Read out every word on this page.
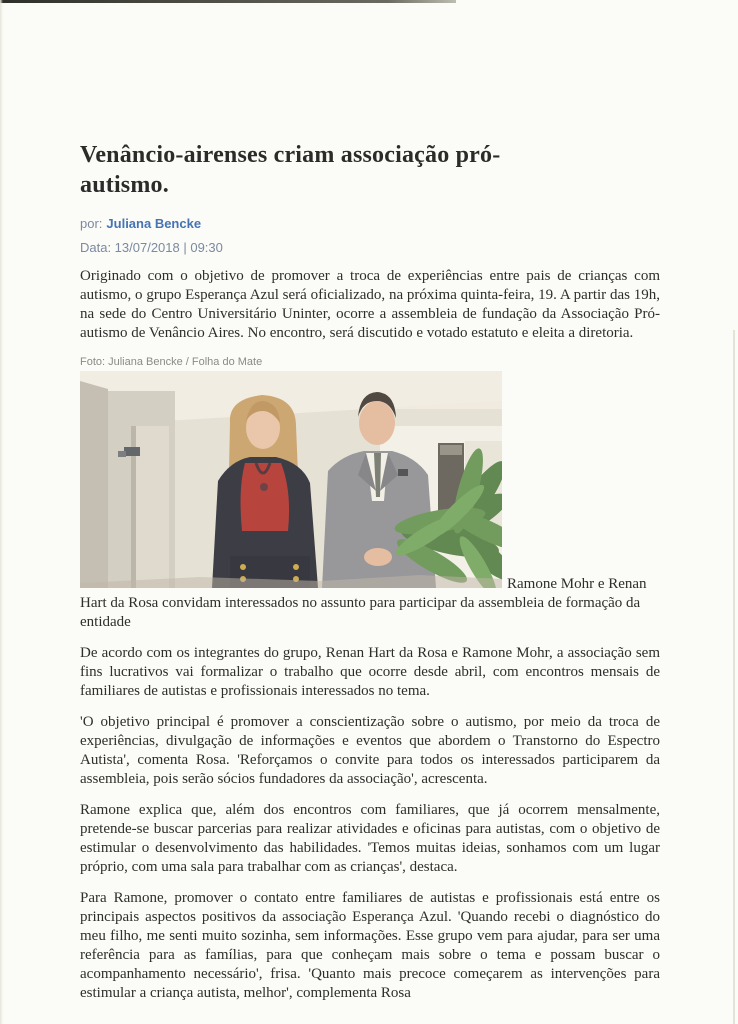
Venâncio-airenses criam associação pró-autismo.
por: Juliana Bencke
Data: 13/07/2018 | 09:30

Originado com o objetivo de promover a troca de experiências entre pais de crianças com autismo, o grupo Esperança Azul será oficializado, na próxima quinta-feira, 19. A partir das 19h, na sede do Centro Universitário Uninter, ocorre a assembleia de fundação da Associação Pró-autismo de Venâncio Aires. No encontro, será discutido e votado estatuto e eleita a diretoria.

Foto: Juliana Bencke / Folha do Mate
Ramone Mohr e Renan Hart da Rosa convidam interessados no assunto para participar da assembleia de formação da entidade

De acordo com os integrantes do grupo, Renan Hart da Rosa e Ramone Mohr, a associação sem fins lucrativos vai formalizar o trabalho que ocorre desde abril, com encontros mensais de familiares de autistas e profissionais interessados no tema.

'O objetivo principal é promover a conscientização sobre o autismo, por meio da troca de experiências, divulgação de informações e eventos que abordem o Transtorno do Espectro Autista', comenta Rosa. 'Reforçamos o convite para todos os interessados participarem da assembleia, pois serão sócios fundadores da associação', acrescenta.

Ramone explica que, além dos encontros com familiares, que já ocorrem mensalmente, pretende-se buscar parcerias para realizar atividades e oficinas para autistas, com o objetivo de estimular o desenvolvimento das habilidades. 'Temos muitas ideias, sonhamos com um lugar próprio, com uma sala para trabalhar com as crianças', destaca.

Para Ramone, promover o contato entre familiares de autistas e profissionais está entre os principais aspectos positivos da associação Esperança Azul. 'Quando recebi o diagnóstico do meu filho, me senti muito sozinha, sem informações. Esse grupo vem para ajudar, para ser uma referência para as famílias, para que conheçam mais sobre o tema e possam buscar o acompanhamento necessário', frisa. 'Quanto mais precoce começarem as intervenções para estimular a criança autista, melhor', complementa Rosa
